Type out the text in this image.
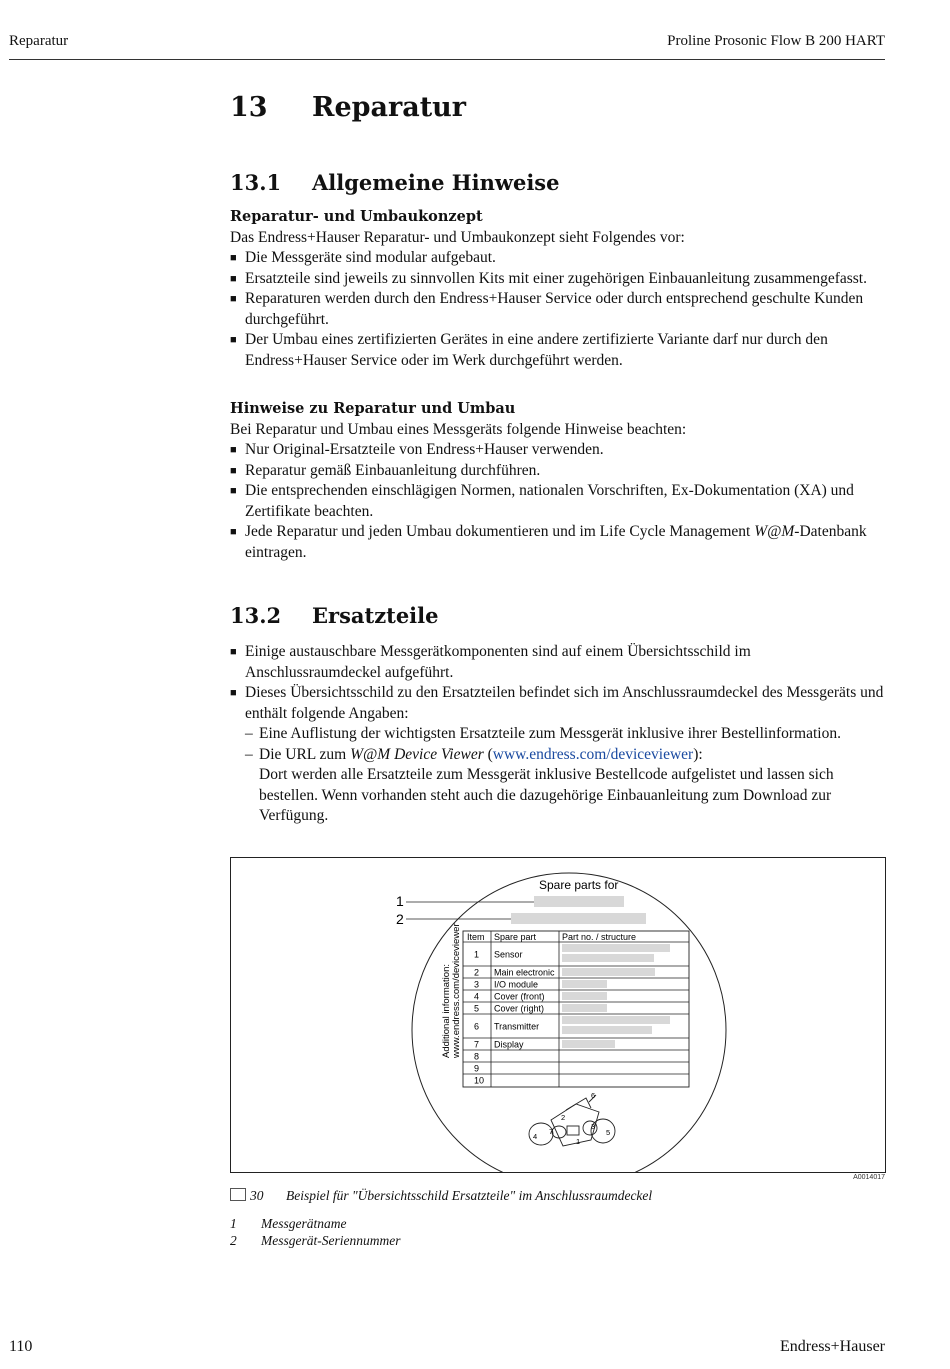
Reparatur	Proline Prosonic Flow B 200 HART
13 Reparatur
13.1 Allgemeine Hinweise
Reparatur- und Umbaukonzept
Das Endress+Hauser Reparatur- und Umbaukonzept sieht Folgendes vor:
■ Die Messgeräte sind modular aufgebaut.
■ Ersatzteile sind jeweils zu sinnvollen Kits mit einer zugehörigen Einbauanleitung zusammengefasst.
■ Reparaturen werden durch den Endress+Hauser Service oder durch entsprechend geschulte Kunden durchgeführt.
■ Der Umbau eines zertifizierten Gerätes in eine andere zertifizierte Variante darf nur durch den Endress+Hauser Service oder im Werk durchgeführt werden.
Hinweise zu Reparatur und Umbau
Bei Reparatur und Umbau eines Messgeräts folgende Hinweise beachten:
■ Nur Original-Ersatzteile von Endress+Hauser verwenden.
■ Reparatur gemäß Einbauanleitung durchführen.
■ Die entsprechenden einschlägigen Normen, nationalen Vorschriften, Ex-Dokumentation (XA) und Zertifikate beachten.
■ Jede Reparatur und jeden Umbau dokumentieren und im Life Cycle Management W@M-Datenbank eintragen.
13.2 Ersatzteile
■ Einige austauschbare Messgerätkomponenten sind auf einem Übersichtsschild im Anschlussraumdeckel aufgeführt.
■ Dieses Übersichtsschild zu den Ersatzteilen befindet sich im Anschlussraumdeckel des Messgeräts und enthält folgende Angaben:
– Eine Auflistung der wichtigsten Ersatzteile zum Messgerät inklusive ihrer Bestellinformation.
– Die URL zum W@M Device Viewer (www.endress.com/deviceviewer):
Dort werden alle Ersatzteile zum Messgerät inklusive Bestellcode aufgelistet und lassen sich bestellen. Wenn vorhanden steht auch die dazugehörige Einbauanleitung zum Download zur Verfügung.
Spare parts for
1
2
Additional information: www.endress.com/deviceviewer Item Spare part	Part no. / structure
1 Sensor
2 Main electronic
3 I/O module
4 Cover (front)
5 Cover (right)
6 Transmitter
7 Display
8
9
10
6
2
3
4	5
7
1
A0014017
30 Beispiel für "Übersichtsschild Ersatzteile" im Anschlussraumdeckel
1 Messgerätname
2 Messgerät-Seriennummer
110	Endress+Hauser
